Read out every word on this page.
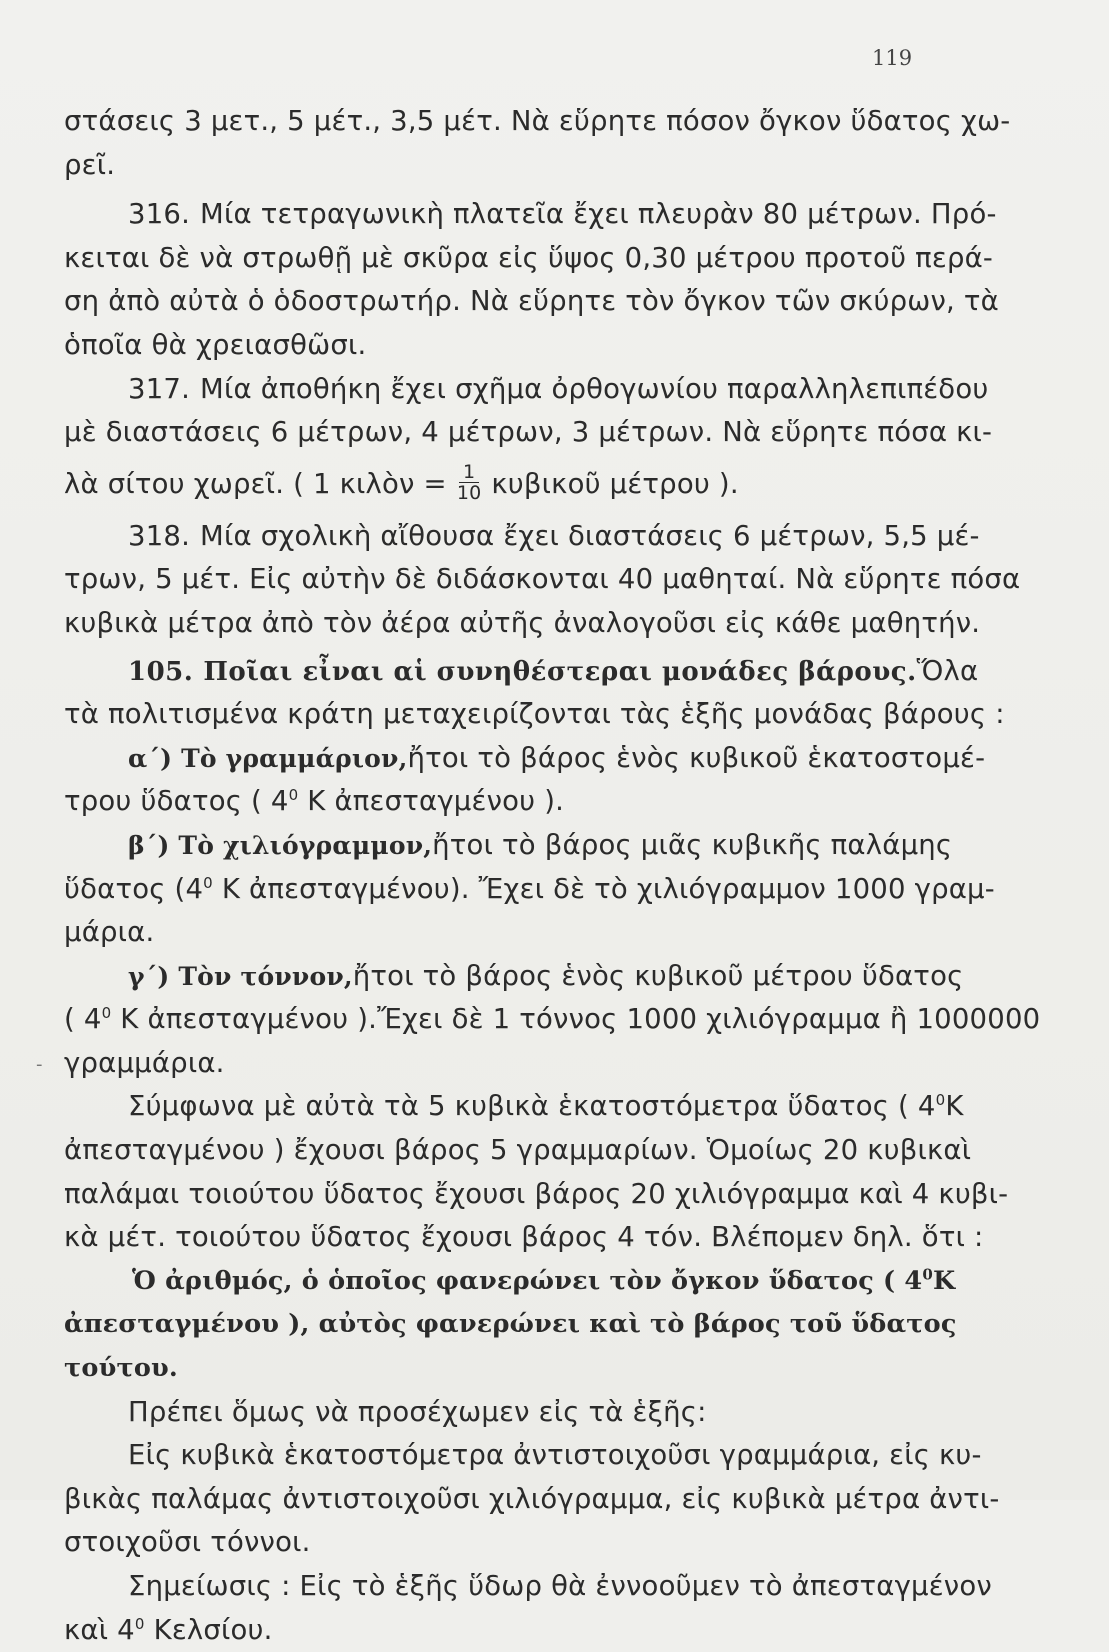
119
-
στάσεις 3 μετ., 5 μέτ., 3,5 μέτ. Νὰ εὕρητε πόσον ὄγκον ὕδατος χω-
ρεῖ.
316. Μία τετραγωνικὴ πλατεῖα ἔχει πλευρὰν 80 μέτρων. Πρό-
κειται δὲ νὰ στρωθῇ μὲ σκῦρα εἰς ὕψος 0,30 μέτρου προτοῦ περά-
ση ἀπὸ αὐτὰ ὁ ὁδοστρωτήρ. Νὰ εὕρητε τὸν ὄγκον τῶν σκύρων, τὰ
ὁποῖα θὰ χρειασθῶσι.
317. Μία ἀποθήκη ἔχει σχῆμα ὀρθογωνίου παραλληλεπιπέδου
μὲ διαστάσεις 6 μέτρων, 4 μέτρων, 3 μέτρων. Νὰ εὕρητε πόσα κι-
λὰ σίτου χωρεῖ. ( 1 κιλὸν = $\frac{1}{10}$ κυβικοῦ μέτρου ).
318. Μία σχολικὴ αἴθουσα ἔχει διαστάσεις 6 μέτρων, 5,5 μέ-
τρων, 5 μέτ. Εἰς αὐτὴν δὲ διδάσκονται 40 μαθηταί. Νὰ εὕρητε πόσα
κυβικὰ μέτρα ἀπὸ τὸν ἀέρα αὐτῆς ἀναλογοῦσι εἰς κάθε μαθητήν.
105. Ποῖαι εἶναι αἱ συνηθέστεραι μονάδες βάρους. Ὅλα
τὰ πολιτισμένα κράτη μεταχειρίζονται τὰς ἑξῆς μονάδας βάρους :
α΄) Τὸ γραμμάριον, ἤτοι τὸ βάρος ἑνὸς κυβικοῦ ἑκατοστομέ-
τρου ὕδατος ( $4^0$ Κ ἀπεσταγμένου ).
β΄) Τὸ χιλιόγραμμον, ἤτοι τὸ βάρος μιᾶς κυβικῆς παλάμης
ὕδατος ($4^0$ Κ ἀπεσταγμένου). Ἔχει δὲ τὸ χιλιόγραμμον 1000 γραμ-
μάρια.
γ΄) Τὸν τόννον, ἤτοι τὸ βάρος ἑνὸς κυβικοῦ μέτρου ὕδατος
( $4^0$ Κ ἀπεσταγμένου ).Ἔχει δὲ 1 τόννος 1000 χιλιόγραμμα ἢ 1000000
γραμμάρια.
Σύμφωνα μὲ αὐτὰ τὰ 5 κυβικὰ ἑκατοστόμετρα ὕδατος ( $4^0$ Κ
ἀπεσταγμένου ) ἔχουσι βάρος 5 γραμμαρίων. Ὁμοίως 20 κυβικαὶ
παλάμαι τοιούτου ὕδατος ἔχουσι βάρος 20 χιλιόγραμμα καὶ 4 κυβι-
κὰ μέτ. τοιούτου ὕδατος ἔχουσι βάρος 4 τόν. Βλέπομεν δηλ. ὅτι :
Ὁ ἀριθμός, ὁ ὁποῖος φανερώνει τὸν ὄγκον ὕδατος ( $4^0$ Κ
ἀπεσταγμένου ), αὐτὸς φανερώνει καὶ τὸ βάρος τοῦ ὕδατος
τούτου.
Πρέπει ὅμως νὰ προσέχωμεν εἰς τὰ ἑξῆς:
Εἰς κυβικὰ ἑκατοστόμετρα ἀντιστοιχοῦσι γραμμάρια, εἰς κυ-
βικὰς παλάμας ἀντιστοιχοῦσι χιλιόγραμμα, εἰς κυβικὰ μέτρα ἀντι-
στοιχοῦσι τόννοι.
Σημείωσις : Εἰς τὸ ἑξῆς ὕδωρ θὰ ἐννοοῦμεν τὸ ἀπεσταγμένον
καὶ $4^0$ Κελσίου.
